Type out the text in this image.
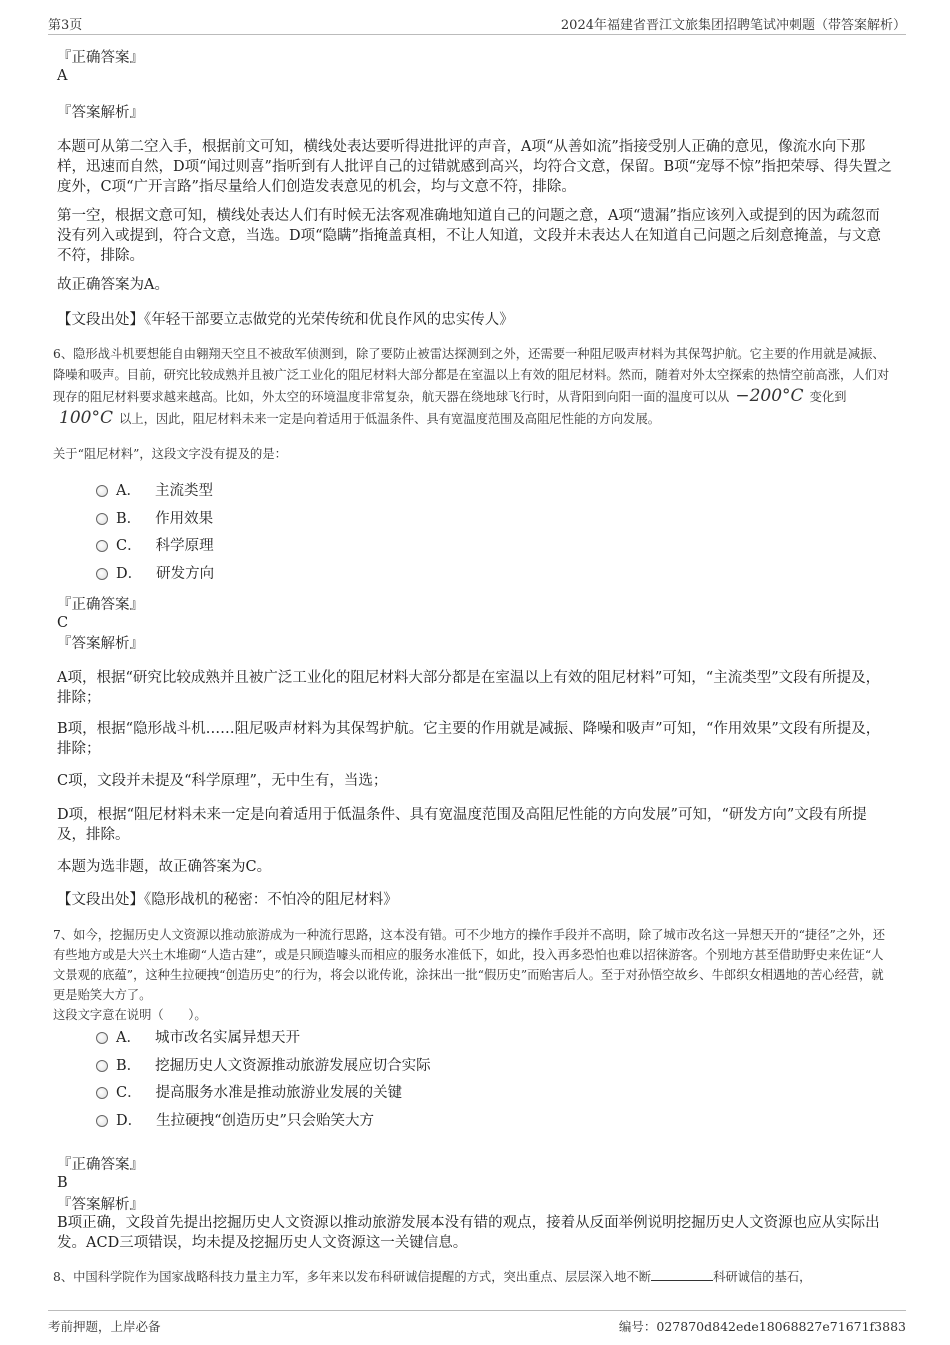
第3页	2024年福建省晋江文旅集团招聘笔试冲刺题（带答案解析）
『正确答案』
A
『答案解析』
本题可从第二空入手，根据前文可知，横线处表达要听得进批评的声音，A项“从善如流”指接受别人正确的意见，像流水向下那样，迅速而自然，D项“闻过则喜”指听到有人批评自己的过错就感到高兴，均符合文意，保留。B项“宠辱不惊”指把荣辱、得失置之度外，C项“广开言路”指尽量给人们创造发表意见的机会，均与文意不符，排除。
第一空，根据文意可知，横线处表达人们有时候无法客观准确地知道自己的问题之意，A项“遗漏”指应该列入或提到的因为疏忽而没有列入或提到，符合文意，当选。D项“隐瞒”指掩盖真相，不让人知道，文段并未表达人在知道自己问题之后刻意掩盖，与文意不符，排除。
故正确答案为A。
【文段出处】《年轻干部要立志做党的光荣传统和优良作风的忠实传人》
6、隐形战斗机要想能自由翱翔天空且不被敌军侦测到，除了要防止被雷达探测到之外，还需要一种阻尼吸声材料为其保驾护航。它主要的作用就是减振、降噪和吸声。目前，研究比较成熟并且被广泛工业化的阻尼材料大部分都是在室温以上有效的阻尼材料。然而，随着对外太空探索的热情空前高涨，人们对现存的阻尼材料要求越来越高。比如，外太空的环境温度非常复杂，航天器在绕地球飞行时，从背阳到向阳一面的温度可以从 −200°C 变化到100°C 以上，因此，阻尼材料未来一定是向着适用于低温条件、具有宽温度范围及高阻尼性能的方向发展。
关于“阻尼材料”，这段文字没有提及的是：
A． 主流类型
B． 作用效果
C． 科学原理
D． 研发方向
『正确答案』
C
『答案解析』
A项，根据“研究比较成熟并且被广泛工业化的阻尼材料大部分都是在室温以上有效的阻尼材料”可知，“主流类型”文段有所提及，排除；
B项，根据“隐形战斗机……阻尼吸声材料为其保驾护航。它主要的作用就是减振、降噪和吸声”可知，“作用效果”文段有所提及，排除；
C项，文段并未提及“科学原理”，无中生有，当选；
D项，根据“阻尼材料未来一定是向着适用于低温条件、具有宽温度范围及高阻尼性能的方向发展”可知，“研发方向”文段有所提及，排除。
本题为选非题，故正确答案为C。
【文段出处】《隐形战机的秘密：不怕冷的阻尼材料》
7、如今，挖掘历史人文资源以推动旅游成为一种流行思路，这本没有错。可不少地方的操作手段并不高明，除了城市改名这一异想天开的“捷径”之外，还有些地方或是大兴土木堆砌“人造古建”，或是只顾造噱头而相应的服务水准低下，如此，投入再多恐怕也难以招徕游客。个别地方甚至借助野史来佐证“人文景观的底蕴”，这种生拉硬拽“创造历史”的行为，将会以讹传讹，涂抹出一批“假历史”而贻害后人。至于对孙悟空故乡、牛郎织女相遇地的苦心经营，就更是贻笑大方了。
这段文字意在说明（　　）。
A． 城市改名实属异想天开
B． 挖掘历史人文资源推动旅游发展应切合实际
C． 提高服务水准是推动旅游业发展的关键
D． 生拉硬拽“创造历史”只会贻笑大方
『正确答案』
B
『答案解析』
B项正确，文段首先提出挖掘历史人文资源以推动旅游发展本没有错的观点，接着从反面举例说明挖掘历史人文资源也应从实际出发。ACD三项错误，均未提及挖掘历史人文资源这一关键信息。
8、中国科学院作为国家战略科技力量主力军，多年来以发布科研诚信提醒的方式，突出重点、层层深入地不断	科研诚信的基石，
考前押题，上岸必备	编号：027870d842ede18068827e71671f3883
